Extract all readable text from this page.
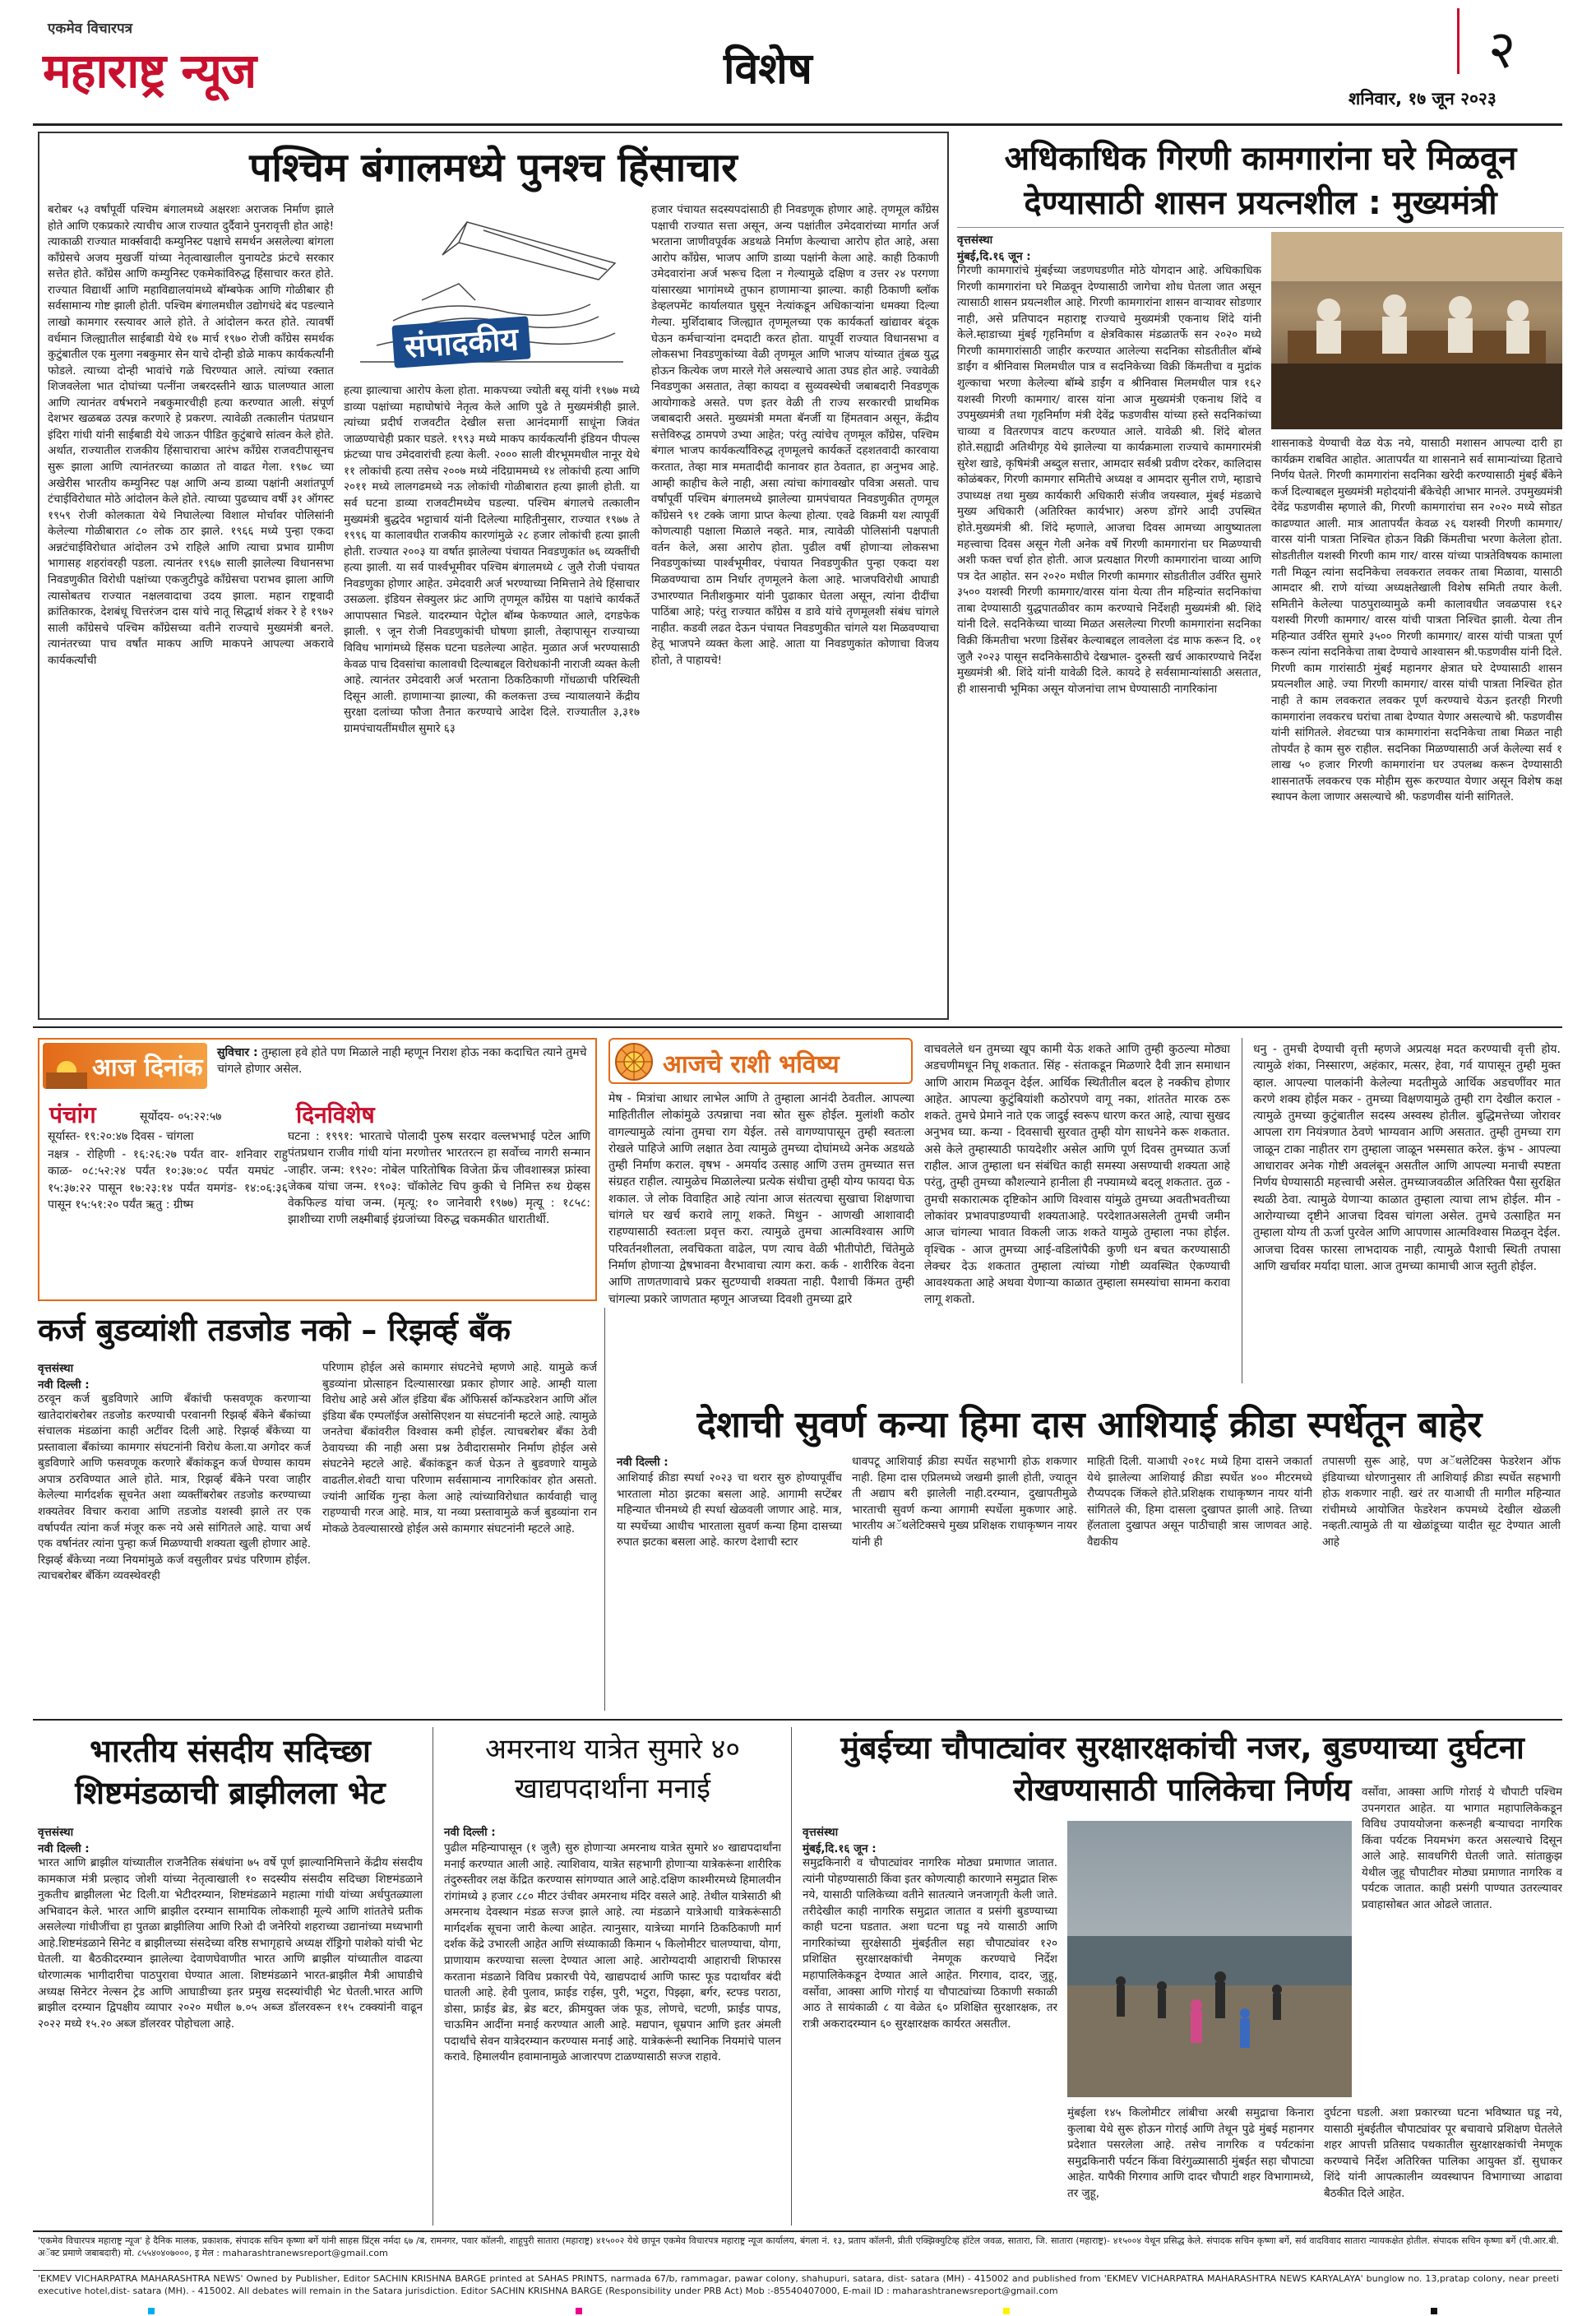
एकमेव विचारपत्र
महाराष्ट्र न्यूज	विशेष	२
शनिवार, १७ जून २०२३
पश्चिम बंगालमध्ये पुनश्च हिंसाचार
बरोबर ५३ वर्षांपूर्वी पश्चिम बंगालमध्ये अक्षरशः अराजक निर्माण झाले होते आणि एकप्रकारे त्याचीच आज राज्यात दुर्दैवाने पुनरावृत्ती होत आहे! त्याकाळी राज्यात मार्क्सवादी कम्युनिस्ट पक्षाचे समर्थन असलेल्या बांगला कॉंग्रेसचे अजय मुखर्जी यांच्या नेतृत्वाखालील युनायटेड फ्रंटचे सरकार सत्तेत होते. कॉंग्रेस आणि कम्युनिस्ट एकमेकांविरुद्ध हिंसाचार करत होते. राज्यात विद्यार्थी आणि महाविद्यालयांमध्ये बॉम्बफेक आणि गोळीबार ही सर्वसामान्य गोष्ट झाली होती. पश्चिम बंगालमधील उद्योगधंदे बंद पडल्याने लाखो कामगार रस्त्यावर आले होते. ते आंदोलन करत होते. त्यावर्षी वर्धमान जिल्ह्यातील साईबाडी येथे १७ मार्च १९७० रोजी कॉंग्रेस समर्थक कुटुंबातील एक मुलगा नबकुमार सेन याचे दोन्ही डोळे माकप कार्यकर्त्यांनी फोडले. त्याच्या दोन्ही भावांचे गळे चिरण्यात आले. त्यांच्या रक्तात शिजवलेला भात दोघांच्या पत्नींना जबरदस्तीने खाऊ घालण्यात आला आणि त्यानंतर वर्षभराने नबकुमारचीही हत्या करण्यात आली. संपूर्ण देशभर खळबळ उत्पन्न करणारे हे प्रकरण. त्यावेळी तत्कालीन पंतप्रधान इंदिरा गांधी यांनी साईबाडी येथे जाऊन पीडित कुटुंबाचे सांत्वन केले होते. अर्थात, राज्यातील राजकीय हिंसाचाराचा आरंभ कॉंग्रेस राजवटीपासूनच सुरू झाला आणि त्यानंतरच्या काळात तो वाढत गेला. १९७८ च्या अखेरीस भारतीय कम्युनिस्ट पक्ष आणि अन्य डाव्या पक्षांनी अशांतपूर्ण टंचाईविरोधात मोठे आंदोलन केले होते. त्याच्या पुढच्याच वर्षी ३१ ऑगस्ट १९५९ रोजी कोलकाता येथे निघालेल्या विशाल मोर्चावर पोलिसांनी केलेल्या गोळीबारात ८० लोक ठार झाले. १९६६ मध्ये पुन्हा एकदा अन्नटंचाईविरोधात आंदोलन उभे राहिले आणि त्याचा प्रभाव ग्रामीण भागासह शहरांवरही पडला. त्यानंतर १९६७ साली झालेल्या विधानसभा निवडणुकीत विरोधी पक्षांच्या एकजुटीपुढे कॉंग्रेसचा पराभव झाला आणि त्यासोबतच राज्यात नक्षलवादाचा उदय झाला. महान राष्ट्रवादी क्रांतिकारक, देशबंधू चित्तरंजन दास यांचे नातू सिद्धार्थ शंकर रे हे १९७२ साली कॉंग्रेसचे पश्चिम कॉंग्रेसच्या वतीने राज्याचे मुख्यमंत्री बनले. त्यानंतरच्या पाच वर्षांत माकप आणि माकपने आपल्या अकरावे कार्यकर्त्यांची
संपादकीय
हत्या झाल्याचा आरोप केला होता. माकपच्या ज्योती बसू यांनी १९७७ मध्ये डाव्या पक्षांच्या महाघोषांचे नेतृत्व केले आणि पुढे ते मुख्यमंत्रीही झाले. त्यांच्या प्रदीर्घ राजवटीत देखील सत्ता आनंदमार्गी साधूंना जिवंत जाळण्याचेही प्रकार घडले. १९९३ मध्ये माकप कार्यकर्त्यांनी इंडियन पीपल्स फ्रंटच्या पाच उमेदवारांची हत्या केली. २००० साली वीरभूममधील नानूर येथे ११ लोकांची हत्या तसेच २००७ मध्ये नंदिग्राममध्ये १४ लोकांची हत्या आणि २०११ मध्ये लालगढमध्ये नऊ लोकांची गोळीबारात हत्या झाली होती. या सर्व घटना डाव्या राजवटीमध्येच घडल्या. पश्चिम बंगालचे तत्कालीन मुख्यमंत्री बुद्धदेव भट्टाचार्य यांनी दिलेल्या माहितीनुसार, राज्यात १९७७ ते १९९६ या कालावधीत राजकीय कारणांमुळे २८ हजार लोकांची हत्या झाली होती. राज्यात २००३ या वर्षात झालेल्या पंचायत निवडणुकांत ७६ व्यक्तींची हत्या झाली. या सर्व पार्श्वभूमीवर पश्चिम बंगालमध्ये ८ जुलै रोजी पंचायत निवडणुका होणार आहेत. उमेदवारी अर्ज भरण्याच्या निमित्ताने तेथे हिंसाचार उसळला. इंडियन सेक्युलर फ्रंट आणि तृणमूल कॉंग्रेस या पक्षांचे कार्यकर्ते आपापसात भिडले. यादरम्यान पेट्रोल बॉम्ब फेकण्यात आले, दगडफेक झाली. ९ जून रोजी निवडणुकांची घोषणा झाली, तेव्हापासून राज्याच्या विविध भागांमध्ये हिंसक घटना घडलेल्या आहेत. मुळात अर्ज भरण्यासाठी केवळ पाच दिवसांचा कालावधी दिल्याबद्दल विरोधकांनी नाराजी व्यक्त केली आहे. त्यानंतर उमेदवारी अर्ज भरताना ठिकठिकाणी गोंधळाची परिस्थिती दिसून आली. हाणामाऱ्या झाल्या, की कलकत्ता उच्च न्यायालयाने केंद्रीय सुरक्षा दलांच्या फौजा तैनात करण्याचे आदेश दिले. राज्यातील ३,३१७ ग्रामपंचायतींमधील सुमारे ६३
हजार पंचायत सदस्यपदांसाठी ही निवडणूक होणार आहे. तृणमूल कॉंग्रेस पक्षाची राज्यात सत्ता असून, अन्य पक्षांतील उमेदवारांच्या मार्गात अर्ज भरताना जाणीवपूर्वक अडथळे निर्माण केल्याचा आरोप होत आहे, असा आरोप कॉंग्रेस, भाजप आणि डाव्या पक्षांनी केला आहे. काही ठिकाणी उमेदवारांना अर्ज भरूच दिला न गेल्यामुळे दक्षिण व उत्तर २४ परगणा यांसारख्या भागांमध्ये तुफान हाणामाऱ्या झाल्या. काही ठिकाणी ब्लॉक डेव्हलपमेंट कार्यालयात घुसून नेत्यांकडून अधिकाऱ्यांना धमक्या दिल्या गेल्या. मुर्शिदाबाद जिल्ह्यात तृणमूलच्या एक कार्यकर्ता खांद्यावर बंदूक घेऊन कर्मचाऱ्यांना दमदाटी करत होता. यापूर्वी राज्यात विधानसभा व लोकसभा निवडणुकांच्या वेळी तृणमूल आणि भाजप यांच्यात तुंबळ युद्ध होऊन कित्येक जण मारले गेले असल्याचे आता उघड होत आहे. ज्यावेळी निवडणुका असतात, तेव्हा कायदा व सुव्यवस्थेची जबाबदारी निवडणूक आयोगाकडे असते. पण इतर वेळी ती राज्य सरकारची प्राथमिक जबाबदारी असते. मुख्यमंत्री ममता बॅनर्जी या हिंमतवान असून, केंद्रीय सत्तेविरुद्ध ठामपणे उभ्या आहेत; परंतु त्यांचेच तृणमूल कॉंग्रेस, पश्चिम बंगाल भाजप कार्यकर्त्यांविरुद्ध तृणमूलचे कार्यकर्ते दहशतवादी कारवाया करतात, तेव्हा मात्र ममतादीदी कानावर हात ठेवतात, हा अनुभव आहे. आम्ही काहीच केले नाही, असा त्यांचा कांगावखोर पवित्रा असतो. पाच वर्षांपूर्वी पश्चिम बंगालमध्ये झालेल्या ग्रामपंचायत निवडणुकीत तृणमूल कॉंग्रेसने ९१ टक्के जागा प्राप्त केल्या होत्या. एवढे विक्रमी यश त्यापूर्वी कोणत्याही पक्षाला मिळाले नव्हते. मात्र, त्यावेळी पोलिसांनी पक्षपाती वर्तन केले, असा आरोप होता. पुढील वर्षी होणाऱ्या लोकसभा निवडणुकांच्या पार्श्वभूमीवर, पंचायत निवडणुकीत पुन्हा एकदा यश मिळवण्याचा ठाम निर्धार तृणमूलने केला आहे. भाजपविरोधी आघाडी उभारण्यात नितीशकुमार यांनी पुढाकार घेतला असून, त्यांना दीदींचा पाठिंबा आहे; परंतु राज्यात कॉंग्रेस व डावे यांचे तृणमूलशी संबंध चांगले नाहीत. कडवी लढत देऊन पंचायत निवडणुकीत चांगले यश मिळवण्याचा हेतू भाजपने व्यक्त केला आहे. आता या निवडणुकांत कोणाचा विजय होतो, ते पाहायचे!
अधिकाधिक गिरणी कामगारांना घरे मिळवून देण्यासाठी शासन प्रयत्नशील : मुख्यमंत्री
वृत्तसंस्था
मुंबई,दि.१६ जून :
गिरणी कामगारांचे मुंबईच्या जडणघडणीत मोठे योगदान आहे. अधिकाधिक गिरणी कामगारांना घरे मिळवून देण्यासाठी जागेचा शोध घेतला जात असून त्यासाठी शासन प्रयत्नशील आहे. गिरणी कामगारांना शासन वाऱ्यावर सोडणार नाही, असे प्रतिपादन महाराष्ट्र राज्याचे मुख्यमंत्री एकनाथ शिंदे यांनी केले.म्हाडाच्या मुंबई गृहनिर्माण व क्षेत्रविकास मंडळातर्फे सन २०२० मध्ये गिरणी कामगारांसाठी जाहीर करण्यात आलेल्या सदनिका सोडतीतील बॉम्बे डाईंग व श्रीनिवास मिलमधील पात्र व सदनिकेच्या विक्री किंमतीचा व मुद्रांक शुल्काचा भरणा केलेल्या बॉम्बे डाईंग व श्रीनिवास मिलमधील पात्र १६२ यशस्वी गिरणी कामगार/ वारस यांना आज मुख्यमंत्री एकनाथ शिंदे व उपमुख्यमंत्री तथा गृहनिर्माण मंत्री देवेंद्र फडणवीस यांच्या हस्ते सदनिकांच्या चाव्या व वितरणपत्र वाटप करण्यात आले. यावेळी श्री. शिंदे बोलत होते.सह्याद्री अतिथीगृह येथे झालेल्या या कार्यक्रमाला राज्याचे कामगारमंत्री सुरेश खाडे, कृषिमंत्री अब्दुल सत्तार, आमदार सर्वश्री प्रवीण दरेकर, कालिदास कोळंबकर, गिरणी कामगार समितीचे अध्यक्ष व आमदार सुनील राणे, म्हाडाचे उपाध्यक्ष तथा मुख्य कार्यकारी अधिकारी संजीव जयस्वाल, मुंबई मंडळाचे मुख्य अधिकारी (अतिरिक्त कार्यभार) अरुण डोंगरे आदी उपस्थित होते.मुख्यमंत्री श्री. शिंदे म्हणाले, आजचा दिवस आमच्या आयुष्यातला महत्त्वाचा दिवस असून गेली अनेक वर्षे गिरणी कामगारांना घर मिळण्याची अशी फक्त चर्चा होत होती. आज प्रत्यक्षात गिरणी कामगारांना चाव्या आणि पत्र देत आहोत. सन २०२० मधील गिरणी कामगार सोडतीतील उर्वरित सुमारे ३५०० यशस्वी गिरणी कामगार/वारस यांना येत्या तीन महिन्यांत सदनिकांचा ताबा देण्यासाठी युद्धपातळीवर काम करण्याचे निर्देशही मुख्यमंत्री श्री. शिंदे यांनी दिले. सदनिकेच्या चाव्या मिळत असलेल्या गिरणी कामगारांना सदनिका विक्री किंमतीचा भरणा डिसेंबर केल्याबद्दल लावलेला दंड माफ करून दि. ०१ जुलै २०२३ पासून सदनिकेसाठीचे देखभाल- दुरुस्ती खर्च आकारण्याचे निर्देश मुख्यमंत्री श्री. शिंदे यांनी यावेळी दिले. कायदे हे सर्वसामान्यांसाठी असतात, ही शासनाची भूमिका असून योजनांचा लाभ घेण्यासाठी नागरिकांना
शासनाकडे येण्याची वेळ येऊ नये, यासाठी मशासन आपल्या दारी हा कार्यक्रम राबवित आहोत. आतापर्यंत या शासनाने सर्व सामान्यांच्या हिताचे निर्णय घेतले. गिरणी कामगारांना सदनिका खरेदी करण्यासाठी मुंबई बँकेने कर्ज दिल्याबद्दल मुख्यमंत्री महोदयांनी बँकेचेही आभार मानले. उपमुख्यमंत्री देवेंद्र फडणवीस म्हणाले की, गिरणी कामगारांचा सन २०२० मध्ये सोडत काढण्यात आली. मात्र आतापर्यंत केवळ २६ यशस्वी गिरणी कामगार/ वारस यांनी पात्रता निश्चित होऊन विक्री किंमतीचा भरणा केलेला होता. सोडतीतील यशस्वी गिरणी काम गार/ वारस यांच्या पात्रतेविषयक कामाला गती मिळून त्यांना सदनिकेचा लवकरात लवकर ताबा मिळावा, यासाठी आमदार श्री. राणे यांच्या अध्यक्षतेखाली विशेष समिती तयार केली. समितीने केलेल्या पाठपुराव्यामुळे कमी कालावधीत जवळपास १६२ यशस्वी गिरणी कामगार/ वारस यांची पात्रता निश्चित झाली. येत्या तीन महिन्यात उर्वरित सुमारे ३५०० गिरणी कामगार/ वारस यांची पात्रता पूर्ण करून त्यांना सदनिकेचा ताबा देण्याचे आश्वासन श्री.फडणवीस यांनी दिले. गिरणी काम गारांसाठी मुंबई महानगर क्षेत्रात घरे देण्यासाठी शासन प्रयत्नशील आहे. ज्या गिरणी कामगार/ वारस यांची पात्रता निश्चित होत नाही ते काम लवकरात लवकर पूर्ण करण्याचे येऊन इतरही गिरणी कामगारांना लवकरच घरांचा ताबा देण्यात येणार असल्याचे श्री. फडणवीस यांनी सांगितले. शेवटच्या पात्र कामगारांना सदनिकेचा ताबा मिळत नाही तोपर्यंत हे काम सुरु राहील. सदनिका मिळण्यासाठी अर्ज केलेल्या सर्व १ लाख ५० हजार गिरणी कामगारांना घर उपलब्ध करून देण्यासाठी शासनातर्फे लवकरच एक मोहीम सुरू करण्यात येणार असून विशेष कक्ष स्थापन केला जाणार असल्याचे श्री. फडणवीस यांनी सांगितले.
आज दिनांक
सुविचार : तुम्हाला हवे होते पण मिळाले नाही म्हणून निराश होऊ नका कदाचित त्याने तुमचे चांगले होणार असेल.
पंचांग	सूर्योदय- ०५:२२:५७
सूर्यास्त- १९:२०:४७ दिवस - चांगला
नक्षत्र - रोहिणी - १६:२६:२७ पर्यंत वार- शनिवार राहु काळ- ०८:५२:२४ पर्यंत १०:३७:०८ पर्यंत यमघंट - १५:३७:२२ पासून १७:२३:१४ पर्यंत यमगंड- १४:०६:३६ पासून १५:५१:२० पर्यंत ऋतु : ग्रीष्म
दिनविशेष
घटना : १९९१: भारताचे पोलादी पुरुष सरदार वल्लभभाई पटेल आणि पंतप्रधान राजीव गांधी यांना मरणोत्तर भारतरत्न हा सर्वोच्च नागरी सन्मान जाहीर. जन्म: १९२०: नोबेल पारितोषिक विजेता फ्रेंच जीवशास्त्रज्ञ फ्रांस्वा जेकब यांचा जन्म. १९०३: चॉकोलेट चिप कुकी चे निमित्त रुथ ग्रेव्हस वेकफिल्ड यांचा जन्म. (मृत्यू: १० जानेवारी १९७७) मृत्यू : १८५८: झाशीच्या राणी लक्ष्मीबाई इंग्रजांच्या विरुद्ध चकमकीत धारातीर्थी.
आजचे राशी भविष्य
मेष - मित्रांचा आधार लाभेल आणि ते तुम्हाला आनंदी ठेवतील. आपल्या माहितीतील लोकांमुळे उत्पन्नाचा नवा स्रोत सुरू होईल. मुलांशी कठोर वागल्यामुळे त्यांना तुमचा राग येईल. तसे वागण्यापासून तुम्ही स्वतःला रोखले पाहिजे आणि लक्षात ठेवा त्यामुळे तुमच्या दोघांमध्ये अनेक अडथळे तुम्ही निर्माण कराल. वृषभ - अमर्याद उत्साह आणि उत्तम तुमच्यात सत्त संग्रहत राहील. त्यामुळेच मिळालेल्या प्रत्येक संधीचा तुम्ही योग्य फायदा घेऊ शकाल. जे लोक विवाहित आहे त्यांना आज संतत्यचा सुखाचा शिक्षणाचा चांगले घर खर्च करावे लागू शकते. मिथुन - आणखी आशावादी राहण्यासाठी स्वतःला प्रवृत्त करा. त्यामुळे तुमचा आत्मविश्वास आणि परिवर्तनशीलता, लवचिकता वाढेल, पण त्याच वेळी भीतीपोटी, चिंतेमुळे निर्माण होणाऱ्या द्वेषभावना वैरभावाचा त्याग करा. कर्क - शारीरिक वेदना आणि ताणतणावाचे प्रकर सुटण्याची शक्यता नाही. पैशाची किंमत तुम्ही चांगल्या प्रकारे जाणतात म्हणून आजच्या दिवशी तुमच्या द्वारे
वाचवलेले धन तुमच्या खूप कामी येऊ शकते आणि तुम्ही कुठल्या मोठ्या अडचणीमधून निघू शकतात. सिंह - संताकडून मिळणारे दैवी ज्ञान समाधान आणि आराम मिळवून देईल. आर्थिक स्थितीतील बदल हे नक्कीच होणार आहेत. आपल्या कुटुंबियांशी कठोरपणे वागू नका, शांततेत मारक ठरू शकते. तुमचे प्रेमाने नाते एक जादुई स्वरूप धारण करत आहे, त्याचा सुखद अनुभव घ्या. कन्या - दिवसाची सुरवात तुम्ही योग साधनेने करू शकतात. असे केले तुम्हास्याठी फायदेशीर असेल आणि पूर्ण दिवस तुमच्यात ऊर्जा राहील. आज तुम्हाला धन संबंधित काही समस्या असण्याची शक्यता आहे परंतु, तुम्ही तुमच्या कौशल्याने हानीला ही नफ्यामध्ये बदलू शकतात. तुळ - तुमची सकारात्मक दृष्टिकोन आणि विश्वास यांमुळे तुमच्या अवतीभवतीच्या लोकांवर प्रभावपाडण्याची शक्यताआहे. परदेशातअसलेली तुमची जमीन आज चांगल्या भावात विकली जाऊ शकते यामुळे तुम्हाला नफा होईल. वृश्चिक - आज तुमच्या आई-वडिलांपैकी कुणी धन बचत करण्यासाठी लेक्चर देऊ शकतात तुम्हाला त्यांच्या गोष्टी व्यवस्थित ऐकण्याची आवश्यकता आहे अथवा येणाऱ्या काळात तुम्हाला समस्यांचा सामना करावा लागू शकतो.
धनु - तुमची देण्याची वृत्ती म्हणजे अप्रत्यक्ष मदत करण्याची वृत्ती होय. त्यामुळे शंका, निस्सारण, अहंकार, मत्सर, हेवा, गर्व यापासून तुम्ही मुक्त व्हाल. आपल्या पालकांनी केलेल्या मदतीमुळे आर्थिक अडचणींवर मात करणे शक्य होईल मकर - तुमच्या विक्षणयामुळे तुम्ही राग देखील कराल - त्यामुळे तुमच्या कुटुंबातील सदस्य अस्वस्थ होतील. बुद्धिमत्तेच्या जोरावर आपला राग नियंत्रणात ठेवणे भाग्यवान आणि असतात. तुम्ही तुमच्या राग जाळून टाका नाहीतर राग तुम्हाला जाळून भस्मसात करेल. कुंभ - आपल्या आधारावर अनेक गोष्टी अवलंबून असतील आणि आपल्या मनाची स्पष्टता निर्णय घेण्यासाठी महत्त्वाची असेल. तुमच्याजवळील अतिरिक्त पैसा सुरक्षित स्थळी ठेवा. त्यामुळे येणाऱ्या काळात तुम्हाला त्याचा लाभ होईल. मीन - आरोग्याच्या दृष्टीने आजचा दिवस चांगला असेल. तुमचे उत्साहित मन तुम्हाला योग्य ती ऊर्जा पुरवेल आणि आपणास आत्मविश्वास मिळवून देईल. आजचा दिवस फारसा लाभदायक नाही, त्यामुळे पैशाची स्थिती तपासा आणि खर्चावर मर्यादा घाला. आज तुमच्या कामाची आज स्तुती होईल.
कर्ज बुडव्यांशी तडजोड नको – रिझर्व्ह बँक
वृत्तसंस्था
नवी दिल्ली :
ठरवून कर्ज बुडविणारे आणि बँकांची फसवणूक करणाऱ्या खातेदारांबरोबर तडजोड करण्याची परवानगी रिझर्व्ह बँकेने बँकांच्या संचालक मंडळांना काही अटींवर दिली आहे. रिझर्व्ह बँकेच्या या प्रस्तावाला बँकांच्या कामगार संघटनांनी विरोध केला.या अगोदर कर्ज बुडविणारे आणि फसवणूक करणारे बँकांकडून कर्ज घेण्यास कायम अपात्र ठरविण्यात आले होते. मात्र, रिझर्व्ह बँकेने परवा जाहीर केलेल्या मार्गदर्शक सूचनेत अशा व्यक्तींबरोबर तडजोड करण्याच्या शक्यतेवर विचार करावा आणि तडजोड यशस्वी झाले तर एक वर्षापर्यंत त्यांना कर्ज मंजूर करू नये असे सांगितले आहे. याचा अर्थ एक वर्षानंतर त्यांना पुन्हा कर्ज मिळण्याची शक्यता खुली होणार आहे. रिझर्व्ह बँकेच्या नव्या नियमांमुळे कर्ज वसुलीवर प्रचंड परिणाम होईल. त्याचबरोबर बँकिंग व्यवस्थेवरही
परिणाम होईल असे कामगार संघटनेचे म्हणणे आहे. यामुळे कर्ज बुडव्यांना प्रोत्साहन दिल्यासारखा प्रकार होणार आहे. आम्ही याला विरोध आहे असे ऑल इंडिया बँक ऑफिसर्स कॉन्फडरेशन आणि ऑल इंडिया बँक एम्पलॉईज असोसिएशन या संघटनांनी म्हटले आहे. त्यामुळे जनतेचा बँकांवरील विश्वास कमी होईल. त्याचबरोबर बँका ठेवी ठेवायच्या की नाही असा प्रश्न ठेवीदारासमोर निर्माण होईल असे संघटनेने म्हटले आहे. बँकांकडून कर्ज घेऊन ते बुडवणारे यामुळे वाढतील.शेवटी याचा परिणाम सर्वसामान्य नागरिकांवर होत असतो. ज्यांनी आर्थिक गुन्हा केला आहे त्यांच्याविरोधात कार्यवाही चालू राहण्याची गरज आहे. मात्र, या नव्या प्रस्तावामुळे कर्ज बुडव्यांना रान मोकळे ठेवल्यासारखे होईल असे कामगार संघटनांनी म्हटले आहे.
देशाची सुवर्ण कन्या हिमा दास आशियाई क्रीडा स्पर्धेतून बाहेर
नवी दिल्ली :
आशियाई क्रीडा स्पर्धा २०२३ चा थरार सुरु होण्यापूर्वीच भारताला मोठा झटका बसला आहे. आगामी सप्टेंबर महिन्यात चीनमध्ये ही स्पर्धा खेळवली जाणार आहे. मात्र, या स्पर्धेच्या आधीच भारताला सुवर्ण कन्या हिमा दासच्या रुपात झटका बसला आहे. कारण देशाची स्टार
धावपटू आशियाई क्रीडा स्पर्धेत सहभागी होऊ शकणार नाही. हिमा दास एप्रिलमध्ये जखमी झाली होती, ज्यातून ती अद्याप बरी झालेली नाही.दरम्यान, दुखापतीमुळे भारताची सुवर्ण कन्या आगामी स्पर्धेला मुकणार आहे. भारतीय अॅथलेटिक्सचे मुख्य प्रशिक्षक राधाकृष्णन नायर यांनी ही
माहिती दिली. याआधी २०१८ मध्ये हिमा दासने जकार्ता येथे झालेल्या आशियाई क्रीडा स्पर्धेत ४०० मीटरमध्ये रौप्यपदक जिंकले होते.प्रशिक्षक राधाकृष्णन नायर यांनी सांगितले की, हिमा दासला दुखापत झाली आहे. तिच्या हॅलताला दुखापत असून पाठीचाही त्रास जाणवत आहे. वैद्यकीय
तपासणी सुरू आहे, पण अॅथलेटिक्स फेडरेशन ऑफ इंडियाच्या धोरणानुसार ती आशियाई क्रीडा स्पर्धेत सहभागी होऊ शकणार नाही. खरं तर याआधी ती मागील महिन्यात रांचीमध्ये आयोजित फेडरेशन कपमध्ये देखील खेळली नव्हती.त्यामुळे ती या खेळांडूच्या यादीत सूट देण्यात आली आहे
भारतीय संसदीय सदिच्छा शिष्टमंडळाची ब्राझीलला भेट
वृत्तसंस्था
नवी दिल्ली :
भारत आणि ब्राझील यांच्यातील राजनैतिक संबंधांना ७५ वर्षे पूर्ण झाल्यानिमित्ताने केंद्रीय संसदीय कामकाज मंत्री प्रल्हाद जोशी यांच्या नेतृत्वाखाली १० सदस्यीय संसदीय सदिच्छा शिष्टमंडळाने नुकतीच ब्राझीलला भेट दिली.या भेटीदरम्यान, शिष्टमंडळाने महात्मा गांधी यांच्या अर्धपुतळ्याला अभिवादन केले. भारत आणि ब्राझील दरम्यान सामायिक लोकशाही मूल्ये आणि शांततेचे प्रतीक असलेल्या गांधीजींचा हा पुतळा ब्राझीलिया आणि रिओ दी जनेरियो शहराच्या उद्यानांच्या मध्यभागी आहे.शिष्टमंडळाने सिनेट व ब्राझीलच्या संसदेच्या वरिष्ठ सभागृहाचे अध्यक्ष रॉड्रिगो पाशेको यांची भेट घेतली. या बैठकीदरम्यान झालेल्या देवाणघेवाणीत भारत आणि ब्राझील यांच्यातील वाढत्या धोरणात्मक भागीदारीचा पाठपुरावा घेण्यात आला. शिष्टमंडळाने भारत-ब्राझील मैत्री आघाडीचे अध्यक्ष सिनेटर नेल्सन ट्रेड आणि आघाडीच्या इतर प्रमुख सदस्यांचीही भेट घेतली.भारत आणि ब्राझील दरम्यान द्विपक्षीय व्यापार २०२० मधील ७.०५ अब्ज डॉलरवरून ११५ टक्क्यांनी वाढून २०२२ मध्ये १५.२० अब्ज डॉलरवर पोहोचला आहे.
अमरनाथ यात्रेत सुमारे ४० खाद्यपदार्थांना मनाई
नवी दिल्ली :
पुढील महिन्यापासून (१ जुलै) सुरु होणाऱ्या अमरनाथ यात्रेत सुमारे ४० खाद्यपदार्थांना मनाई करण्यात आली आहे. त्याशिवाय, यात्रेत सहभागी होणाऱ्या यात्रेकरूंना शारीरिक तंदुरुस्तीवर लक्ष केंद्रित करण्यास सांगण्यात आले आहे.दक्षिण काश्मीरमध्ये हिमालयीन रांगांमध्ये ३ हजार ८८० मीटर उंचीवर अमरनाथ मंदिर वसले आहे. तेथील यात्रेसाठी श्री अमरनाथ देवस्थान मंडळ सज्ज झाले आहे. त्या मंडळाने यात्रेआधी यात्रेकरूंसाठी मार्गदर्शक सूचना जारी केल्या आहेत. त्यानुसार, यात्रेच्या मार्गाने ठिकठिकाणी मार्ग दर्शक केंद्रे उभारली आहेत आणि संध्याकाळी किमान ५ किलोमीटर चालण्याचा, योगा, प्राणायाम करण्याचा सल्ला देण्यात आला आहे. आरोग्यदायी आहाराची शिफारस करताना मंडळाने विविध प्रकारची पेये, खाद्यपदार्थ आणि फास्ट फूड पदार्थांवर बंदी घातली आहे. हेवी पुलाव, फ्राईड राईस, पुरी, भटुरा, पिझ्झा, बर्गर, स्टफ्ड पराठा, डोसा, फ्राईड ब्रेड, ब्रेड बटर, क्रीमयुक्त जंक फूड, लोणचे, चटणी, फ्राईड पापड, चाऊमिन आदींना मनाई करण्यात आली आहे. मद्यपान, धूम्रपान आणि इतर अंमली पदार्थांचे सेवन यात्रेदरम्यान करण्यास मनाई आहे. यात्रेकरूंनी स्थानिक नियमांचे पालन करावे. हिमालयीन हवामानामुळे आजारपण टाळण्यासाठी सज्ज राहावे.
मुंबईच्या चौपाट्यांवर सुरक्षारक्षकांची नजर, बुडण्याच्या दुर्घटना रोखण्यासाठी पालिकेचा निर्णय
वृत्तसंस्था
मुंबई,दि.१६ जून :
समुद्रकिनारी व चौपाट्यांवर नागरिक मोठ्या प्रमाणात जातात. त्यांनी पोहण्यासाठी किंवा इतर कोणत्याही कारणाने समुद्रात शिरू नये, यासाठी पालिकेच्या वतीने सातत्याने जनजागृती केली जाते. तरीदेखील काही नागरिक समुद्रात जातात व प्रसंगी बुडण्याच्या काही घटना घडतात. अशा घटना घडू नये यासाठी आणि नागरिकांच्या सुरक्षेसाठी मुंबईतील सहा चौपाट्यांवर १२० प्रशिक्षित सुरक्षारक्षकांची नेमणूक करण्याचे निर्देश महापालिकेकडून देण्यात आले आहेत. गिरगाव, दादर, जुहू, वर्सोवा, आक्सा आणि गोराई या चौपाट्यांच्या ठिकाणी सकाळी आठ ते सायंकाळी ८ या वेळेत ६० प्रशिक्षित सुरक्षारक्षक, तर रात्री अकरादरम्यान ६० सुरक्षारक्षक कार्यरत असतील.
वर्सोवा, आक्सा आणि गोराई ये चौपाटी पश्चिम उपनगरात आहेत. या भागात महापालिकेकडून विविध उपाययोजना करूनही बऱ्याचदा नागरिक किंवा पर्यटक नियमभंग करत असल्याचे दिसून आले आहे. सावधगिरी घेतली जाते. सांताक्रुझ येथील जुहू चौपाटीवर मोठ्या प्रमाणात नागरिक व पर्यटक जातात. काही प्रसंगी पाण्यात उतरल्यावर प्रवाहासोबत आत ओढले जातात.
मुंबईला १४५ किलोमीटर लांबीचा अरबी समुद्राचा किनारा कुलाबा येथे सुरू होऊन गोराई आणि तेथून पुढे मुंबई महानगर प्रदेशात पसरलेला आहे. तसेच नागरिक व पर्यटकांना समुद्रकिनारी पर्यटन किंवा विरंगुळ्यासाठी मुंबईत सहा चौपाट्या आहेत. यापैकी गिरगाव आणि दादर चौपाटी शहर विभागामध्ये, तर जुहू,
दुर्घटना घडली. अशा प्रकारच्या घटना भविष्यात घडू नये, यासाठी मुंबईतील चौपाट्यांवर पूर बचावाचे प्रशिक्षण घेतलेले शहर आपत्ती प्रतिसाद पथकातील सुरक्षारक्षकांची नेमणूक करण्याचे निर्देश अतिरिक्त पालिका आयुक्त डॉ. सुधाकर शिंदे यांनी आपत्कालीन व्यवस्थापन विभागाच्या आढावा बैठकीत दिले आहेत.
'एकमेव विचारपत्र महाराष्ट्र न्यूज' हे दैनिक मालक, प्रकाशक, संपादक सचिन कृष्णा बर्गे यांनी साहस प्रिंट्स नर्मदा ६७ /ब, रामनगर, पवार कॉलनी, शाहूपुरी सातारा (महाराष्ट्र) ४१५००२ येथे छापून एकमेव विचारपत्र महाराष्ट्र न्यूज कार्यालय, बंगला नं. १३, प्रताप कॉलनी, प्रीती एक्झिक्युटिव्ह हॉटेल जवळ, सातारा, जि. सातारा (महाराष्ट्र)- ४१५००४ येथून प्रसिद्ध केले. संपादक सचिन कृष्णा बर्गे, सर्व वादविवाद सातारा न्यायकक्षेत होतील. संपादक सचिन कृष्णा बर्गे (पी.आर.बी. अॅक्ट प्रमाणे जबाबदारी) मो. ८५५४०४०७०००, इ मेल : maharashtranewsreport@gmail.com
'EKMEV VICHARPATRA MAHARASHTRA NEWS' Owned by Publisher, Editor SACHIN KRISHNA BARGE printed at SAHAS PRINTS, narmada 67/b, rammagar, pawar colony, shahupuri, satara, dist- satara (MH) - 415002 and published from 'EKMEV VICHARPATRA MAHARASHTRA NEWS KARYALAYA' bunglow no. 13,pratap colony, near preeti executive hotel,dist- satara (MH). - 415002. All debates will remain in the Satara jurisdiction. Editor SACHIN KRISHNA BARGE (Responsibility under PRB Act) Mob :-85540407000, E-mail ID : maharashtranewsreport@gmail.com
